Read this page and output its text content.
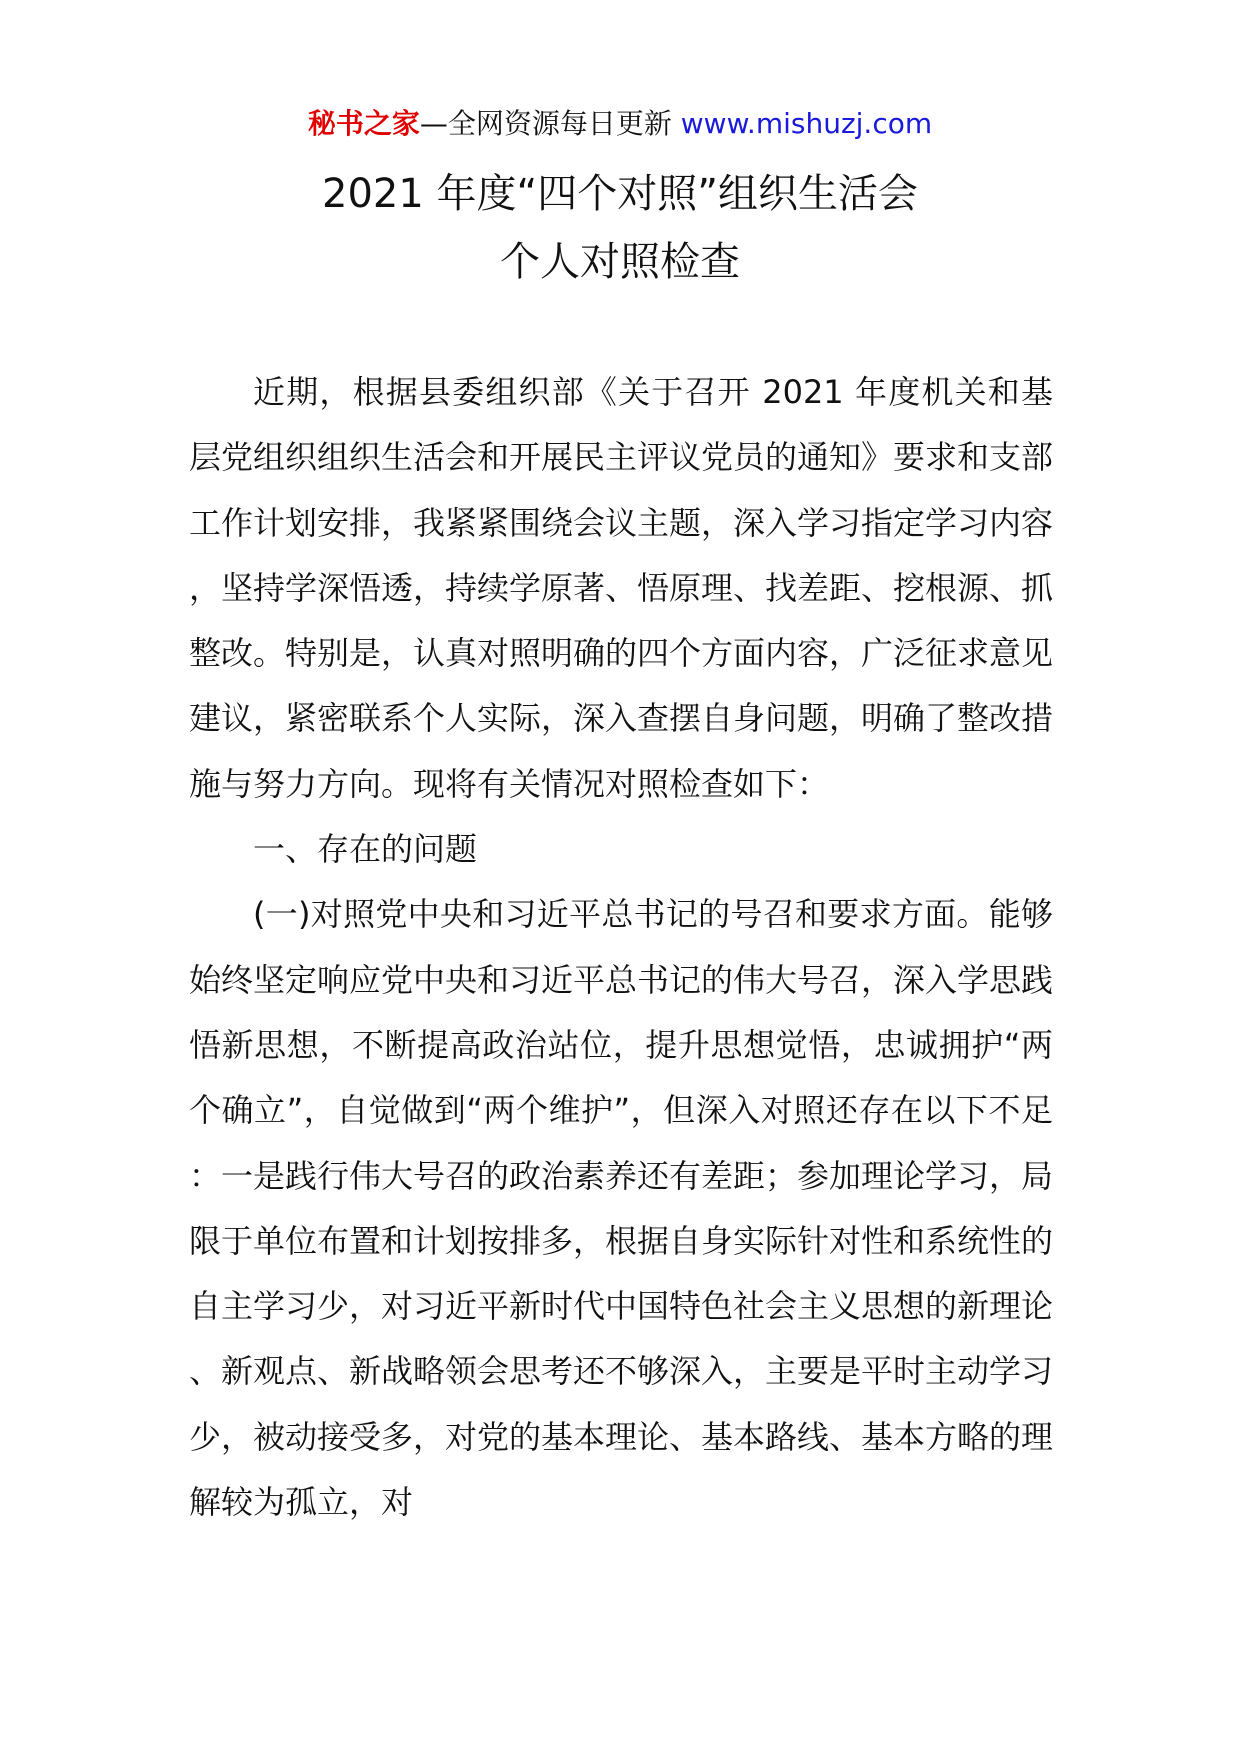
秘书之家—全网资源每日更新 www.mishuzj.com
2021 年度“四个对照”组织生活会
个人对照检查

近期，根据县委组织部《关于召开 2021 年度机关和基层党组织组织生活会和开展民主评议党员的通知》要求和支部工作计划安排，我紧紧围绕会议主题，深入学习指定学习内容，坚持学深悟透，持续学原著、悟原理、找差距、挖根源、抓整改。特别是，认真对照明确的四个方面内容，广泛征求意见建议，紧密联系个人实际，深入查摆自身问题，明确了整改措施与努力方向。现将有关情况对照检查如下：

一、存在的问题

(一)对照党中央和习近平总书记的号召和要求方面。能够始终坚定响应党中央和习近平总书记的伟大号召，深入学思践悟新思想，不断提高政治站位，提升思想觉悟，忠诚拥护“两个确立”，自觉做到“两个维护”，但深入对照还存在以下不足：一是践行伟大号召的政治素养还有差距；参加理论学习，局限于单位布置和计划按排多，根据自身实际针对性和系统性的自主学习少，对习近平新时代中国特色社会主义思想的新理论、新观点、新战略领会思考还不够深入，主要是平时主动学习少，被动接受多，对党的基本理论、基本路线、基本方略的理解较为孤立，对
